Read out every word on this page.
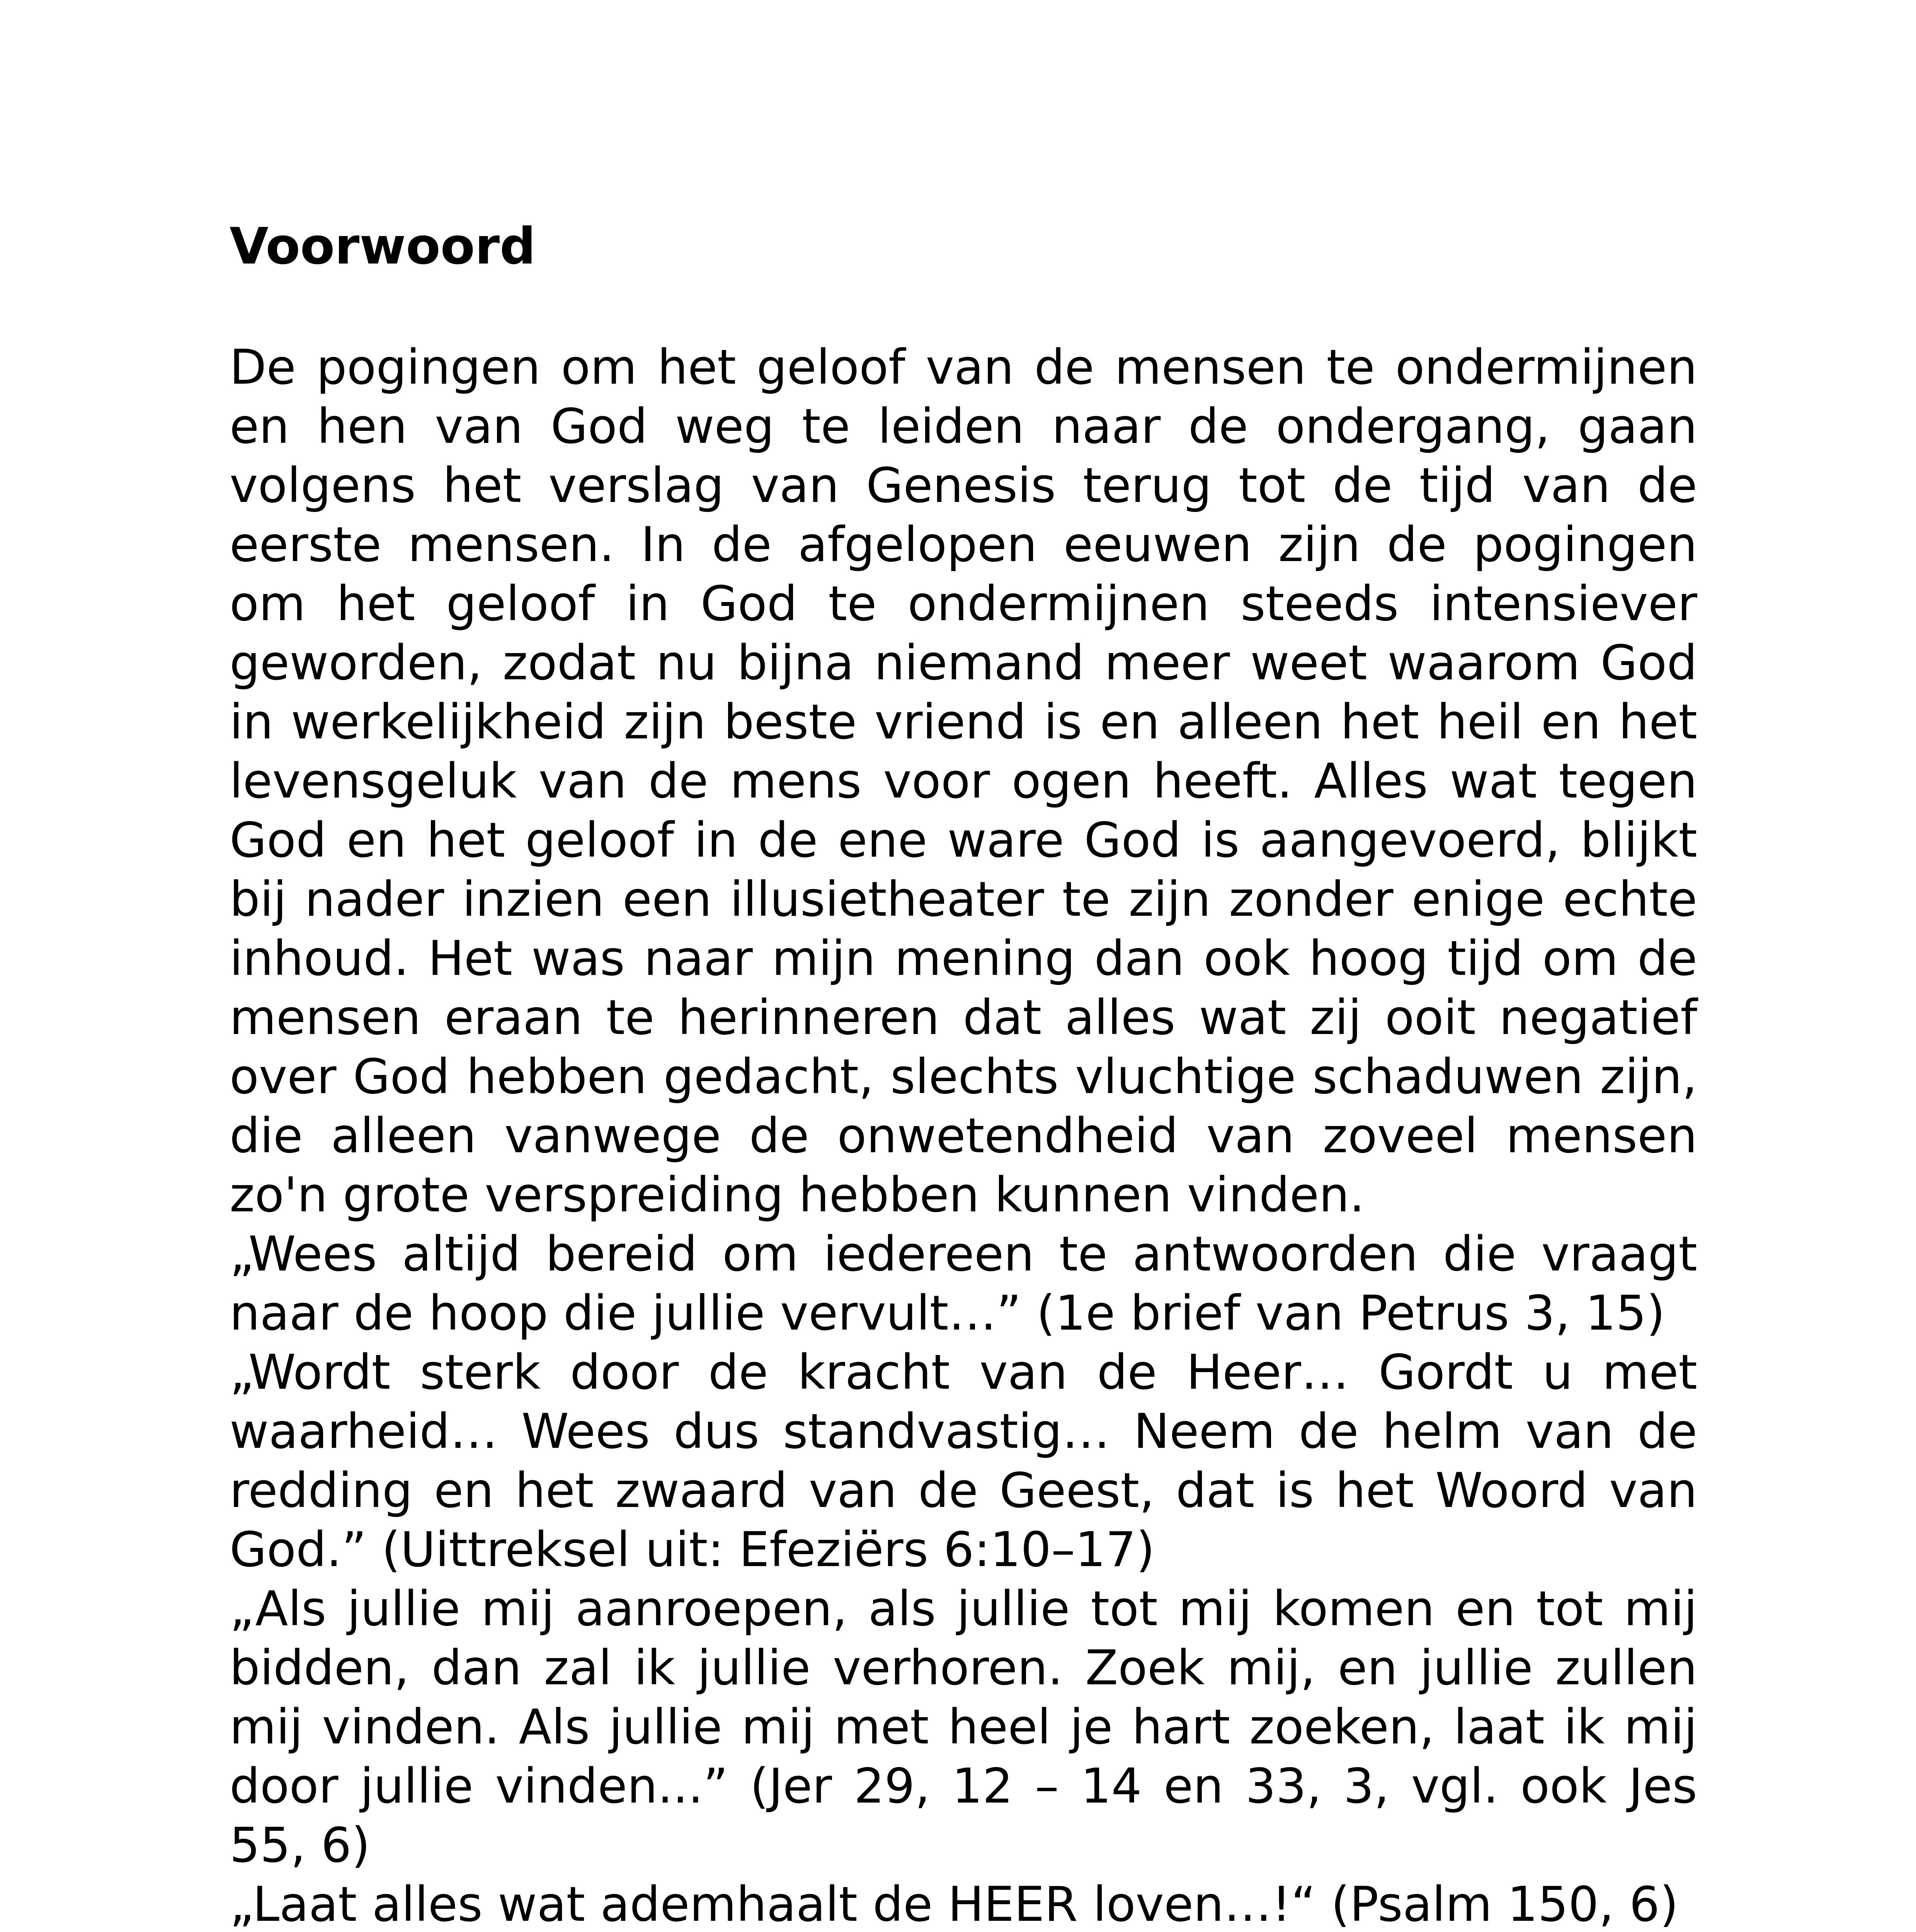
Voorwoord

De pogingen om het geloof van de mensen te ondermijnen en hen van God weg te leiden naar de ondergang, gaan volgens het verslag van Genesis terug tot de tijd van de eerste mensen. In de afgelopen eeuwen zijn de pogingen om het geloof in God te ondermijnen steeds intensiever geworden, zodat nu bijna niemand meer weet waarom God in werkelijkheid zijn beste vriend is en alleen het heil en het levensgeluk van de mens voor ogen heeft. Alles wat tegen God en het geloof in de ene ware God is aangevoerd, blijkt bij nader inzien een illusietheater te zijn zonder enige echte inhoud. Het was naar mijn mening dan ook hoog tijd om de mensen eraan te herinneren dat alles wat zij ooit negatief over God hebben gedacht, slechts vluchtige schaduwen zijn, die alleen vanwege de onwetendheid van zoveel mensen zo'n grote verspreiding hebben kunnen vinden.

„Wees altijd bereid om iedereen te antwoorden die vraagt naar de hoop die jullie vervult…” (1e brief van Petrus 3, 15)

„Wordt sterk door de kracht van de Heer… Gordt u met waarheid… Wees dus standvastig… Neem de helm van de redding en het zwaard van de Geest, dat is het Woord van God.” (Uittreksel uit: Efeziërs 6:10–17)

„Als jullie mij aanroepen, als jullie tot mij komen en tot mij bidden, dan zal ik jullie verhoren. Zoek mij, en jullie zullen mij vinden. Als jullie mij met heel je hart zoeken, laat ik mij door jullie vinden...” (Jer 29, 12 – 14 en 33, 3, vgl. ook Jes 55, 6)

„Laat alles wat ademhaalt de HEER loven…!“ (Psalm 150, 6)
